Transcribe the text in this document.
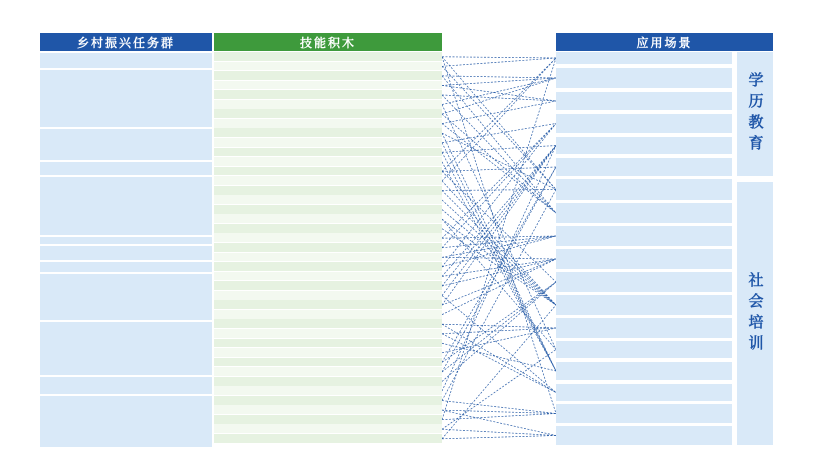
乡村振兴任务群	技能积木	应用场景
学历教育
社会培训
